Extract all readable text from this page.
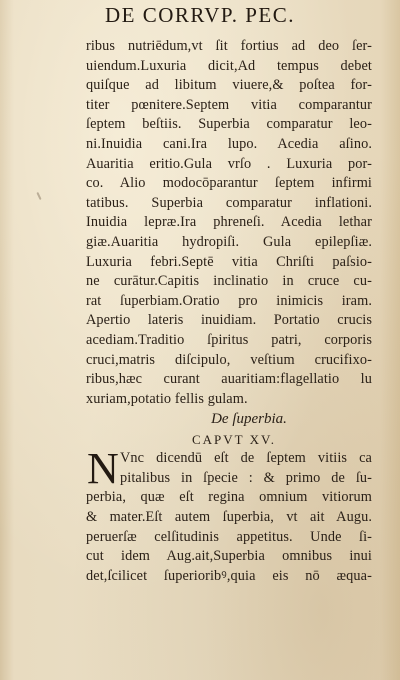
DE CORRVP. PEC.
ribus nutriēdum,vt ſit fortius ad deo ſer-
uiendum.Luxuria dicit,Ad tempus debet
quiſque ad libitum viuere,& poſtea for-
titer pœnitere.Septem vitia comparantur
ſeptem beſtiis. Superbia comparatur leo-
ni.Inuidia cani.Ira lupo. Acedia aſino.
Auaritia eritio.Gula vrſo . Luxuria por-
co. Alio modocōparantur ſeptem infirmi
tatibus. Superbia comparatur inflationi.
Inuidia lepræ.Ira phreneſi. Acedia lethar
giæ.Auaritia hydropiſi. Gula epilepſiæ.
Luxuria febri.Septē vitia Chriſti paſsio-
ne curātur.Capitis inclinatio in cruce cu-
rat ſuperbiam.Oratio pro inimicis iram.
Apertio lateris inuidiam. Portatio crucis
acediam.Traditio ſpiritus patri, corporis
cruci,matris diſcipulo, veſtium crucifixo-
ribus,hæc curant auaritiam:flagellatio lu
xuriam,potatio fellis gulam.
De ſuperbia.
CAPVT XV.
N Vnc dicendū eſt de ſeptem vitiis ca
pitalibus in ſpecie : & primo de ſu-
perbia, quæ eſt regina omnium vitiorum
& mater.Eſt autem ſuperbia, vt ait Augu.
peruerſæ celſitudinis appetitus. Unde ſi-
cut idem Aug.ait,Superbia omnibus inui
det,ſcilicet ſuperioribꝰ,quia eis nō æqua-
